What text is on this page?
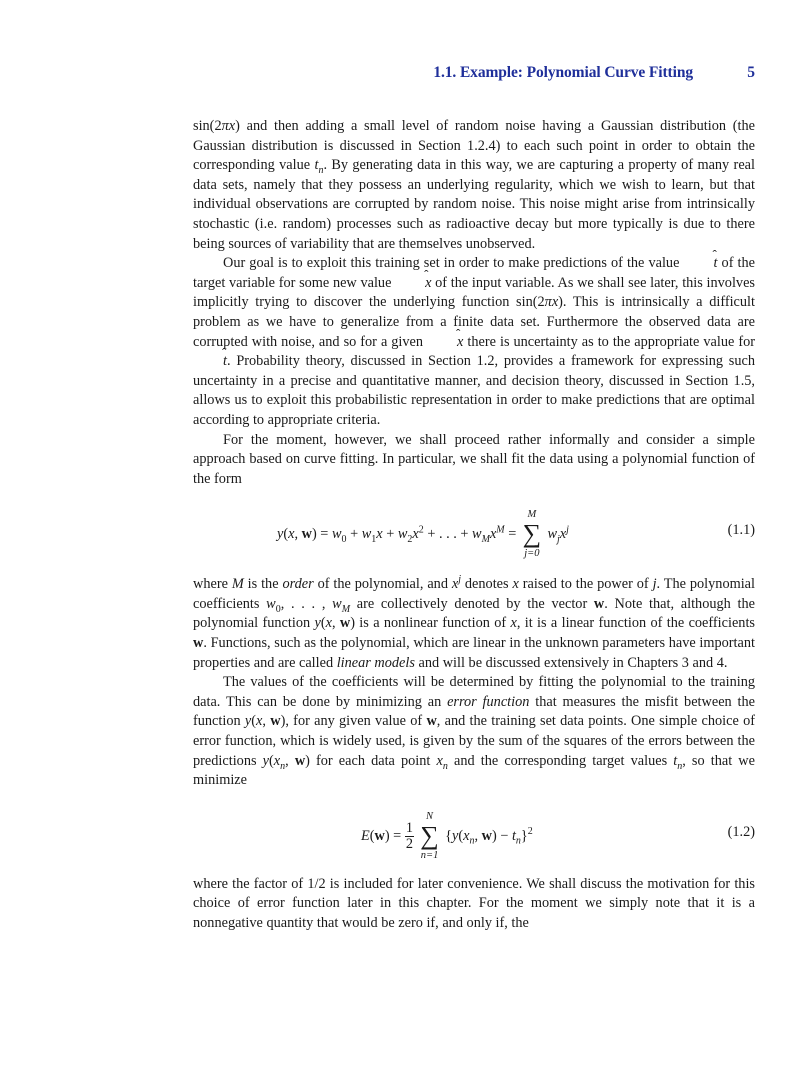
1.1. Example: Polynomial Curve Fitting	5

sin(2πx) and then adding a small level of random noise having a Gaussian distribution (the Gaussian distribution is discussed in Section 1.2.4) to each such point in order to obtain the corresponding value $t_n$. By generating data in this way, we are capturing a property of many real data sets, namely that they possess an underlying regularity, which we wish to learn, but that individual observations are corrupted by random noise. This noise might arise from intrinsically stochastic (i.e. random) processes such as radioactive decay but more typically is due to there being sources of variability that are themselves unobserved.

Our goal is to exploit this training set in order to make predictions of the value ˆ t of the target variable for some new value ˆ x of the input variable. As we shall see later, this involves implicitly trying to discover the underlying function sin(2πx). This is intrinsically a difficult problem as we have to generalize from a finite data set. Furthermore the observed data are corrupted with noise, and so for a given ˆ x there is uncertainty as to the appropriate value for ˆ t. Probability theory, discussed in Section 1.2, provides a framework for expressing such uncertainty in a precise and quantitative manner, and decision theory, discussed in Section 1.5, allows us to exploit this probabilistic representation in order to make predictions that are optimal according to appropriate criteria.

For the moment, however, we shall proceed rather informally and consider a simple approach based on curve fitting. In particular, we shall fit the data using a polynomial function of the form

y(x, $w) = w_0 + w_1x + w_2x^2$ + . . . + $w_Mx^M$ =
M
∑
j=0
$w_jx^j$	(1.1)

where M is the order of the polynomial, and $x^j$ denotes x raised to the power of j. The polynomial coefficients $w_0$, . . . , $w_M$ are collectively denoted by the vector w. Note that, although the polynomial function y(x, w) is a nonlinear function of x, it is a linear function of the coefficients w. Functions, such as the polynomial, which are linear in the unknown parameters have important properties and are called linear models and will be discussed extensively in Chapters 3 and 4.

The values of the coefficients will be determined by fitting the polynomial to the training data. This can be done by minimizing an error function that measures the misfit between the function y(x, w), for any given value of w, and the training set data points. One simple choice of error function, which is widely used, is given by the sum of the squares of the errors between the predictions $y(x_n$, w) for each data point $x_n$ and the corresponding target values $t_n$, so that we minimize

$E(w) = \frac{1}{2}$

N
∑
n=1
{$y(x_n$, $w) - t_n\}^2$	(1.2)

where the factor of 1/2 is included for later convenience. We shall discuss the motivation for this choice of error function later in this chapter. For the moment we simply note that it is a nonnegative quantity that would be zero if, and only if, the
